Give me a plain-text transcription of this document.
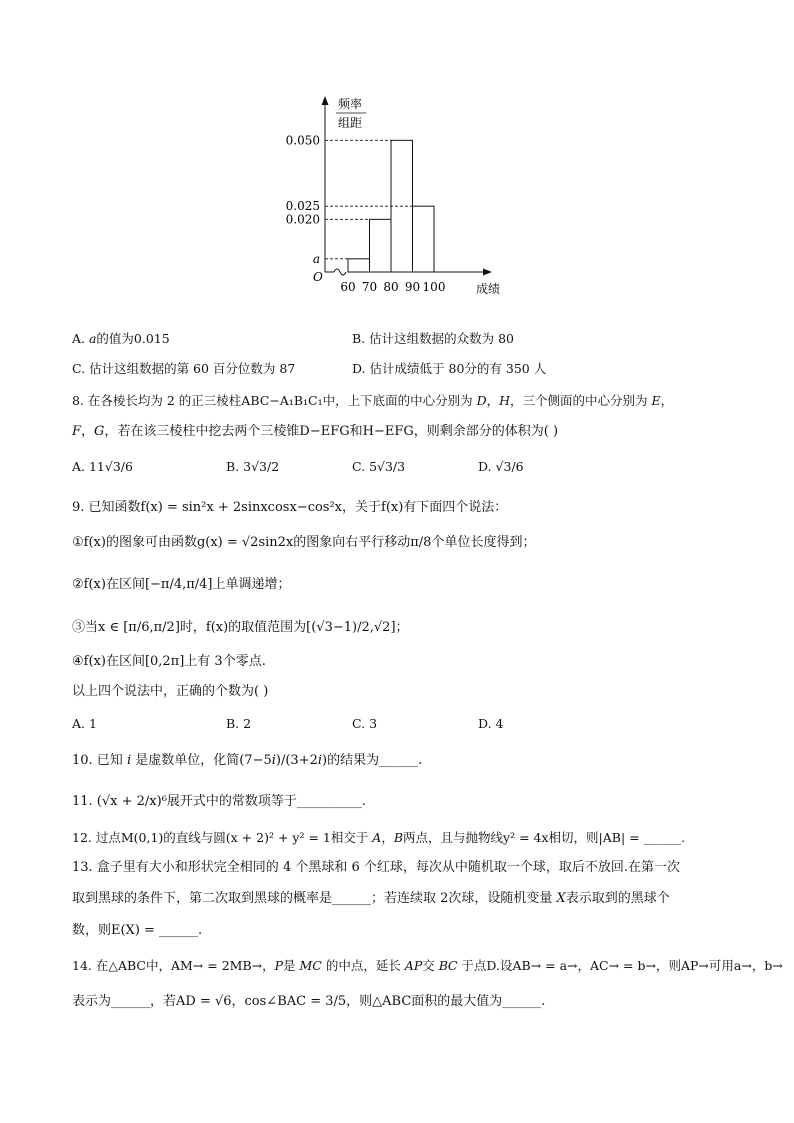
频率
组距
O
成绩
60 70 80 90 100
0.050
0.025
0.020
a
A. 𝑎的值为0.015	B. 估计这组数据的众数为 80
C. 估计这组数据的第 60 百分位数为 87	D. 估计成绩低于 80分的有 350 人
8. 在各棱长均为 2 的正三棱柱ABC−A₁B₁C₁中，上下底面的中心分别为 𝐷，𝐻，三个侧面的中心分别为 𝐸，
𝐹，𝐺，若在该三棱柱中挖去两个三棱锥D−EFG和H−EFG，则剩余部分的体积为( )
A. 11√3/6	B. 3√3/2	C. 5√3/3	D. √3/6
9. 已知函数f(x) = sin²x + 2sinxcosx−cos²x，关于f(x)有下面四个说法：
①f(x)的图象可由函数g(x) = √2sin2x的图象向右平行移动π/8个单位长度得到；
②f(x)在区间[−π/4,π/4]上单调递增；
③当x ∈ [π/6,π/2]时，f(x)的取值范围为[(√3−1)/2,√2]；
④f(x)在区间[0,2π]上有 3个零点.
以上四个说法中，正确的个数为( )
A. 1	B. 2	C. 3	D. 4
10. 已知 𝑖 是虚数单位，化简(7−5𝑖)/(3+2𝑖)的结果为______.
11. (√x + 2/x)⁶展开式中的常数项等于__________.
12. 过点M(0,1)的直线与圆(x + 2)² + y² = 1相交于 𝐴，𝐵两点，且与抛物线y² = 4x相切，则|AB| = ______.
13. 盒子里有大小和形状完全相同的 4 个黑球和 6 个红球，每次从中随机取一个球，取后不放回.在第一次
取到黑球的条件下，第二次取到黑球的概率是______；若连续取 2次球，设随机变量 𝑋表示取到的黑球个
数，则E(X) = ______.
14. 在△ABC中，AM→ = 2MB→，𝑃是 𝑀𝐶 的中点，延长 𝐴𝑃交 𝐵𝐶 于点D.设AB→ = a→，AC→ = b→，则AP→可用a→，b→
表示为______，若AD = √6，cos∠BAC = 3/5，则△ABC面积的最大值为______.
